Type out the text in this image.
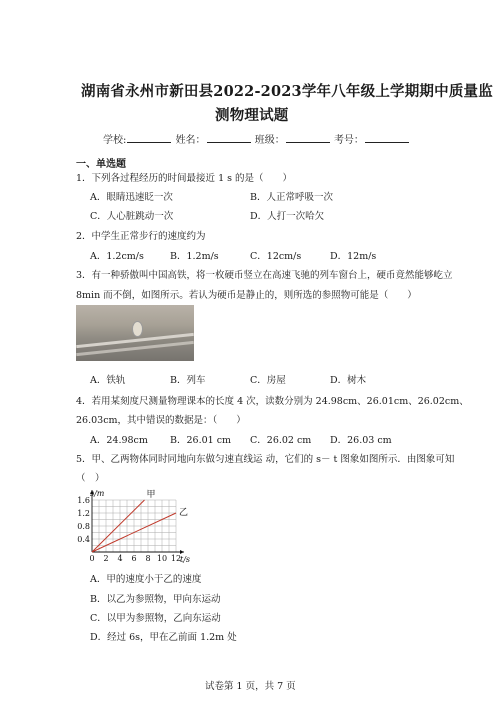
湖南省永州市新田县2022-2023学年八年级上学期期中质量监
测物理试题
学校:	姓名：	班级：	考号：
一、单选题
1．下列各过程经历的时间最接近 1 s 的是（　　）
A．眼睛迅速眨一次	B．人正常呼吸一次
C．人心脏跳动一次	D．人打一次哈欠
2．中学生正常步行的速度约为
A．1.2cm/s	B．1.2m/s	C．12cm/s	D．12m/s
3．有一种骄傲叫中国高铁，将一枚硬币竖立在高速飞驰的列车窗台上，硬币竟然能够屹立
8min 而不倒，如图所示。若认为硬币是静止的，则所选的参照物可能是（　　）
A．铁轨	B．列车	C．房屋	D．树木
4．若用某刻度尺测量物理课本的长度 4 次，读数分别为 24.98cm、26.01cm、26.02cm、
26.03cm，其中错误的数据是：（　　）
A．24.98cm B．26.01 cm C．26.02 cm D．26.03 cm
5．甲、乙两物体同时同地向东做匀速直线运 动，它们的 s－ t 图象如图所示．由图象可知
（　）
0 2 4 6 8 10 12
0.4
0.8
1.2
1.6
t/s
s/m	甲
乙
A．甲的速度小于乙的速度
B．以乙为参照物，甲向东运动
C．以甲为参照物，乙向东运动
D．经过 6s，甲在乙前面 1.2m 处
试卷第 1 页，共 7 页
